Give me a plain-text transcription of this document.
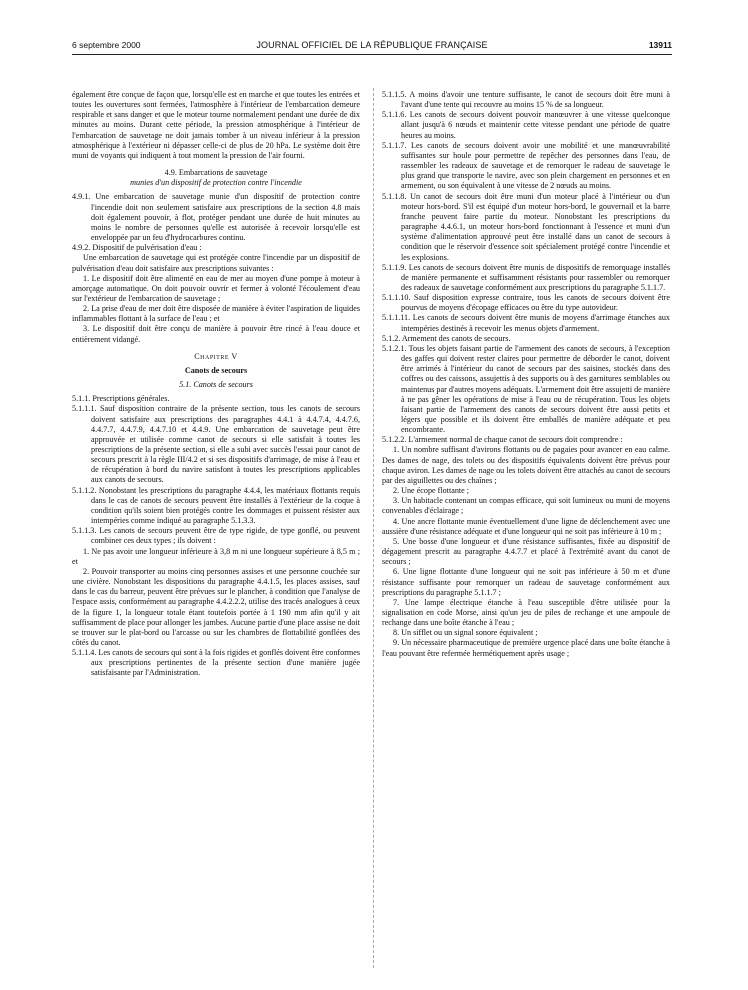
6 septembre 2000	JOURNAL OFFICIEL DE LA RÉPUBLIQUE FRANÇAISE	13911

également être conçue de façon que, lorsqu'elle est en marche et que toutes les entrées et toutes les ouvertures sont fermées, l'atmosphère à l'intérieur de l'embarcation demeure respirable et sans danger et que le moteur tourne normalement pendant une durée de dix minutes au moins. Durant cette période, la pression atmosphérique à l'intérieur de l'embarcation de sauvetage ne doit jamais tomber à un niveau inférieur à la pression atmosphérique à l'extérieur ni dépasser celle-ci de plus de 20 hPa. Le système doit être muni de voyants qui indiquent à tout moment la pression de l'air fourni.

4.9. Embarcations de sauvetage

munies d'un dispositif de protection contre l'incendie

4.9.1. Une embarcation de sauvetage munie d'un dispositif de protection contre l'incendie doit non seulement satisfaire aux prescriptions de la section 4.8 mais doit également pouvoir, à flot, protéger pendant une durée de huit minutes au moins le nombre de personnes qu'elle est autorisée à recevoir lorsqu'elle est enveloppée par un feu d'hydrocarbures continu.

4.9.2. Dispositif de pulvérisation d'eau :

Une embarcation de sauvetage qui est protégée contre l'incendie par un dispositif de pulvérisation d'eau doit satisfaire aux prescriptions suivantes :

1. Le dispositif doit être alimenté en eau de mer au moyen d'une pompe à moteur à amorçage automatique. On doit pouvoir ouvrir et fermer à volonté l'écoulement d'eau sur l'extérieur de l'embarcation de sauvetage ;

2. La prise d'eau de mer doit être disposée de manière à éviter l'aspiration de liquides inflammables flottant à la surface de l'eau ; et

3. Le dispositif doit être conçu de manière à pouvoir être rincé à l'eau douce et entièrement vidangé.

Chapitre V

Canots de secours

5.1. Canots de secours

5.1.1. Prescriptions générales.

5.1.1.1. Sauf disposition contraire de la présente section, tous les canots de secours doivent satisfaire aux prescriptions des paragraphes 4.4.1 à 4.4.7.4, 4.4.7.6, 4.4.7.7, 4.4.7.9, 4.4.7.10 et 4.4.9. Une embarcation de sauvetage peut être approuvée et utilisée comme canot de secours si elle satisfait à toutes les prescriptions de la présente section, si elle a subi avec succès l'essai pour canot de secours prescrit à la règle III/4.2 et si ses dispositifs d'arrimage, de mise à l'eau et de récupération à bord du navire satisfont à toutes les prescriptions applicables aux canots de secours.

5.1.1.2. Nonobstant les prescriptions du paragraphe 4.4.4, les matériaux flottants requis dans le cas de canots de secours peuvent être installés à l'extérieur de la coque à condition qu'ils soient bien protégés contre les dommages et puissent résister aux intempéries comme indiqué au paragraphe 5.1.3.3.

5.1.1.3. Les canots de secours peuvent être de type rigide, de type gonflé, ou peuvent combiner ces deux types ; ils doivent :

1. Ne pas avoir une longueur inférieure à 3,8 m ni une longueur supérieure à 8,5 m ; et

2. Pouvoir transporter au moins cinq personnes assises et une personne couchée sur une civière. Nonobstant les dispositions du paragraphe 4.4.1.5, les places assises, sauf dans le cas du barreur, peuvent être prévues sur le plancher, à condition que l'analyse de l'espace assis, conformément au paragraphe 4.4.2.2.2, utilise des tracés analogues à ceux de la figure 1, la longueur totale étant toutefois portée à 1 190 mm afin qu'il y ait suffisamment de place pour allonger les jambes. Aucune partie d'une place assise ne doit se trouver sur le plat-bord ou l'arcasse ou sur les chambres de flottabilité gonflées des côtés du canot.

5.1.1.4. Les canots de secours qui sont à la fois rigides et gonflés doivent être conformes aux prescriptions pertinentes de la présente section d'une manière jugée satisfaisante par l'Administration.

5.1.1.5. A moins d'avoir une tenture suffisante, le canot de secours doit être muni à l'avant d'une tente qui recouvre au moins 15 % de sa longueur.

5.1.1.6. Les canots de secours doivent pouvoir manœuvrer à une vitesse quelconque allant jusqu'à 6 nœuds et maintenir cette vitesse pendant une période de quatre heures au moins.

5.1.1.7. Les canots de secours doivent avoir une mobilité et une manœuvrabilité suffisantes sur houle pour permettre de repêcher des personnes dans l'eau, de rassembler les radeaux de sauvetage et de remorquer le radeau de sauvetage le plus grand que transporte le navire, avec son plein chargement en personnes et en armement, ou son équivalent à une vitesse de 2 nœuds au moins.

5.1.1.8. Un canot de secours doit être muni d'un moteur placé à l'intérieur ou d'un moteur hors-bord. S'il est équipé d'un moteur hors-bord, le gouvernail et la barre franche peuvent faire partie du moteur. Nonobstant les prescriptions du paragraphe 4.4.6.1, un moteur hors-bord fonctionnant à l'essence et muni d'un système d'alimentation approuvé peut être installé dans un canot de secours à condition que le réservoir d'essence soit spécialement protégé contre l'incendie et les explosions.

5.1.1.9. Les canots de secours doivent être munis de dispositifs de remorquage installés de manière permanente et suffisamment résistants pour rassembler ou remorquer des radeaux de sauvetage conformément aux prescriptions du paragraphe 5.1.1.7.

5.1.1.10. Sauf disposition expresse contraire, tous les canots de secours doivent être pourvus de moyens d'écopage efficaces ou être du type autovideur.

5.1.1.11. Les canots de secours doivent être munis de moyens d'arrimage étanches aux intempéries destinés à recevoir les menus objets d'armement.

5.1.2. Armement des canots de secours.

5.1.2.1. Tous les objets faisant partie de l'armement des canots de secours, à l'exception des gaffes qui doivent rester claires pour permettre de déborder le canot, doivent être arrimés à l'intérieur du canot de secours par des saisines, stockés dans des coffres ou des caissons, assujettis à des supports ou à des garnitures semblables ou maintenus par d'autres moyens adéquats. L'armement doit être assujetti de manière à ne pas gêner les opérations de mise à l'eau ou de récupération. Tous les objets faisant partie de l'armement des canots de secours doivent être aussi petits et légers que possible et ils doivent être emballés de manière adéquate et peu encombrante.

5.1.2.2. L'armement normal de chaque canot de secours doit comprendre :

1. Un nombre suffisant d'avirons flottants ou de pagaies pour avancer en eau calme. Des dames de nage, des tolets ou des dispositifs équivalents doivent être prévus pour chaque aviron. Les dames de nage ou les tolets doivent être attachés au canot de secours par des aiguillettes ou des chaînes ;

2. Une écope flottante ;

3. Un habitacle contenant un compas efficace, qui soit lumineux ou muni de moyens convenables d'éclairage ;

4. Une ancre flottante munie éventuellement d'une ligne de déclenchement avec une aussière d'une résistance adéquate et d'une longueur qui ne soit pas inférieure à 10 m ;

5. Une bosse d'une longueur et d'une résistance suffisantes, fixée au dispositif de dégagement prescrit au paragraphe 4.4.7.7 et placé à l'extrémité avant du canot de secours ;

6. Une ligne flottante d'une longueur qui ne soit pas inférieure à 50 m et d'une résistance suffisante pour remorquer un radeau de sauvetage conformément aux prescriptions du paragraphe 5.1.1.7 ;

7. Une lampe électrique étanche à l'eau susceptible d'être utilisée pour la signalisation en code Morse, ainsi qu'un jeu de piles de rechange et une ampoule de rechange dans une boîte étanche à l'eau ;

8. Un sifflet ou un signal sonore équivalent ;

9. Un nécessaire pharmaceutique de première urgence placé dans une boîte étanche à l'eau pouvant être refermée hermétiquement après usage ;
